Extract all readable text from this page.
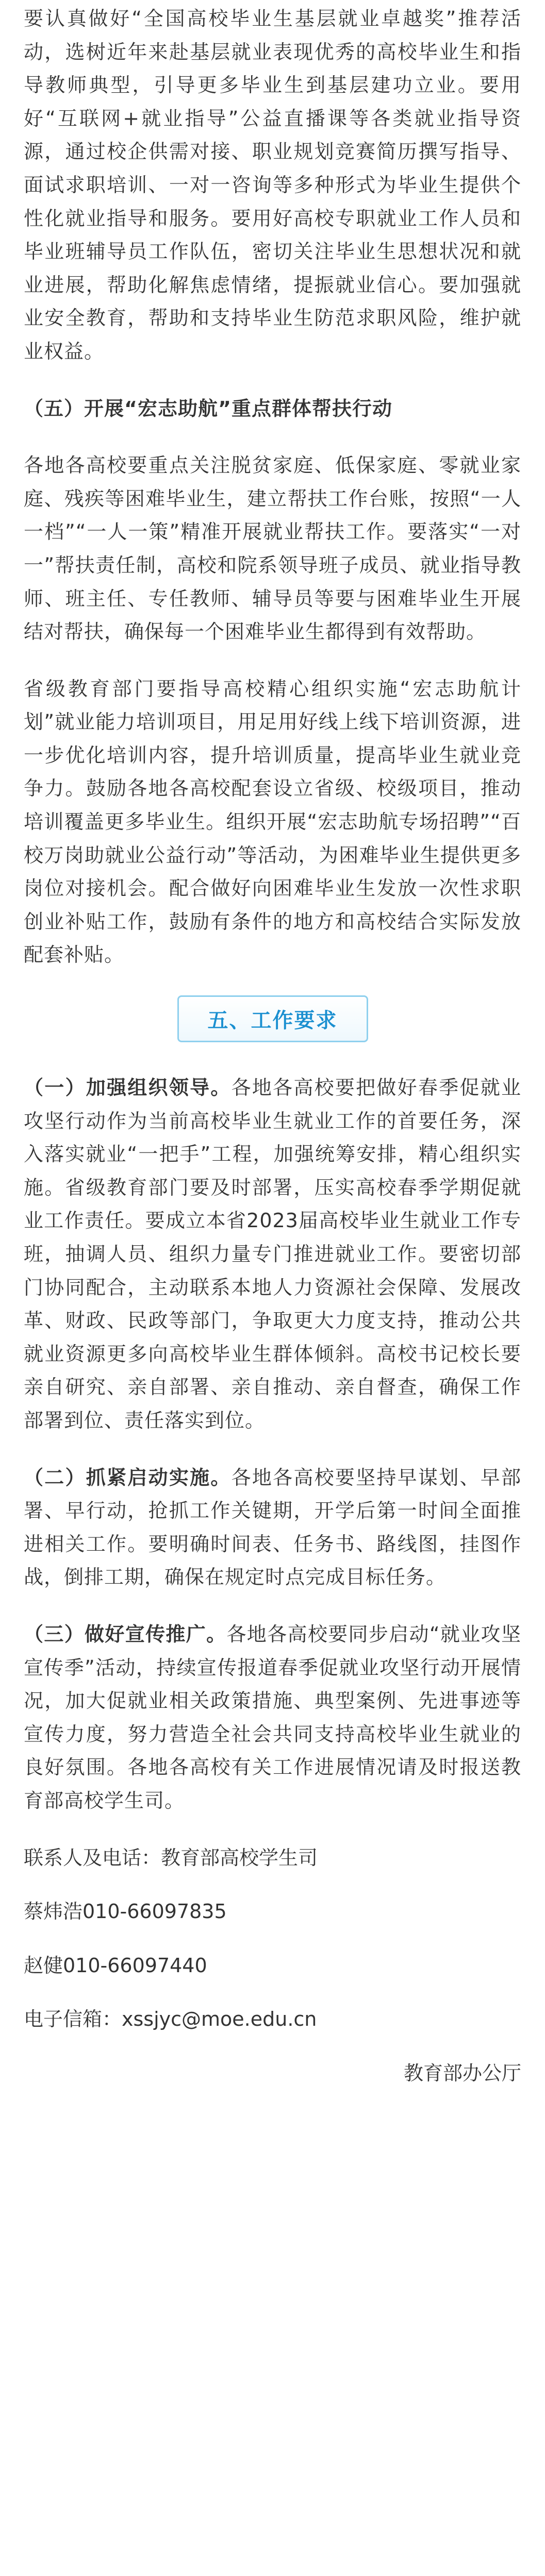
要认真做好“全国高校毕业生基层就业卓越奖”推荐活动，选树近年来赴基层就业表现优秀的高校毕业生和指导教师典型，引导更多毕业生到基层建功立业。要用好“互联网+就业指导”公益直播课等各类就业指导资源，通过校企供需对接、职业规划竞赛简历撰写指导、面试求职培训、一对一咨询等多种形式为毕业生提供个性化就业指导和服务。要用好高校专职就业工作人员和毕业班辅导员工作队伍，密切关注毕业生思想状况和就业进展，帮助化解焦虑情绪，提振就业信心。要加强就业安全教育，帮助和支持毕业生防范求职风险，维护就业权益。

（五）开展“宏志助航”重点群体帮扶行动

各地各高校要重点关注脱贫家庭、低保家庭、零就业家庭、残疾等困难毕业生，建立帮扶工作台账，按照“一人一档”“一人一策”精准开展就业帮扶工作。要落实“一对一”帮扶责任制，高校和院系领导班子成员、就业指导教师、班主任、专任教师、辅导员等要与困难毕业生开展结对帮扶，确保每一个困难毕业生都得到有效帮助。

省级教育部门要指导高校精心组织实施“宏志助航计划”就业能力培训项目，用足用好线上线下培训资源，进一步优化培训内容，提升培训质量，提高毕业生就业竞争力。鼓励各地各高校配套设立省级、校级项目，推动培训覆盖更多毕业生。组织开展“宏志助航专场招聘”“百校万岗助就业公益行动”等活动，为困难毕业生提供更多岗位对接机会。配合做好向困难毕业生发放一次性求职创业补贴工作，鼓励有条件的地方和高校结合实际发放配套补贴。

五、工作要求

（一）加强组织领导。各地各高校要把做好春季促就业攻坚行动作为当前高校毕业生就业工作的首要任务，深入落实就业“一把手”工程，加强统筹安排，精心组织实施。省级教育部门要及时部署，压实高校春季学期促就业工作责任。要成立本省2023届高校毕业生就业工作专班，抽调人员、组织力量专门推进就业工作。要密切部门协同配合，主动联系本地人力资源社会保障、发展改革、财政、民政等部门，争取更大力度支持，推动公共就业资源更多向高校毕业生群体倾斜。高校书记校长要亲自研究、亲自部署、亲自推动、亲自督查，确保工作部署到位、责任落实到位。

（二）抓紧启动实施。各地各高校要坚持早谋划、早部署、早行动，抢抓工作关键期，开学后第一时间全面推进相关工作。要明确时间表、任务书、路线图，挂图作战，倒排工期，确保在规定时点完成目标任务。

（三）做好宣传推广。各地各高校要同步启动“就业攻坚宣传季”活动，持续宣传报道春季促就业攻坚行动开展情况，加大促就业相关政策措施、典型案例、先进事迹等宣传力度，努力营造全社会共同支持高校毕业生就业的良好氛围。各地各高校有关工作进展情况请及时报送教育部高校学生司。

联系人及电话：教育部高校学生司

蔡炜浩010-66097835

赵健010-66097440

电子信箱：xssjyc@moe.edu.cn

教育部办公厅
